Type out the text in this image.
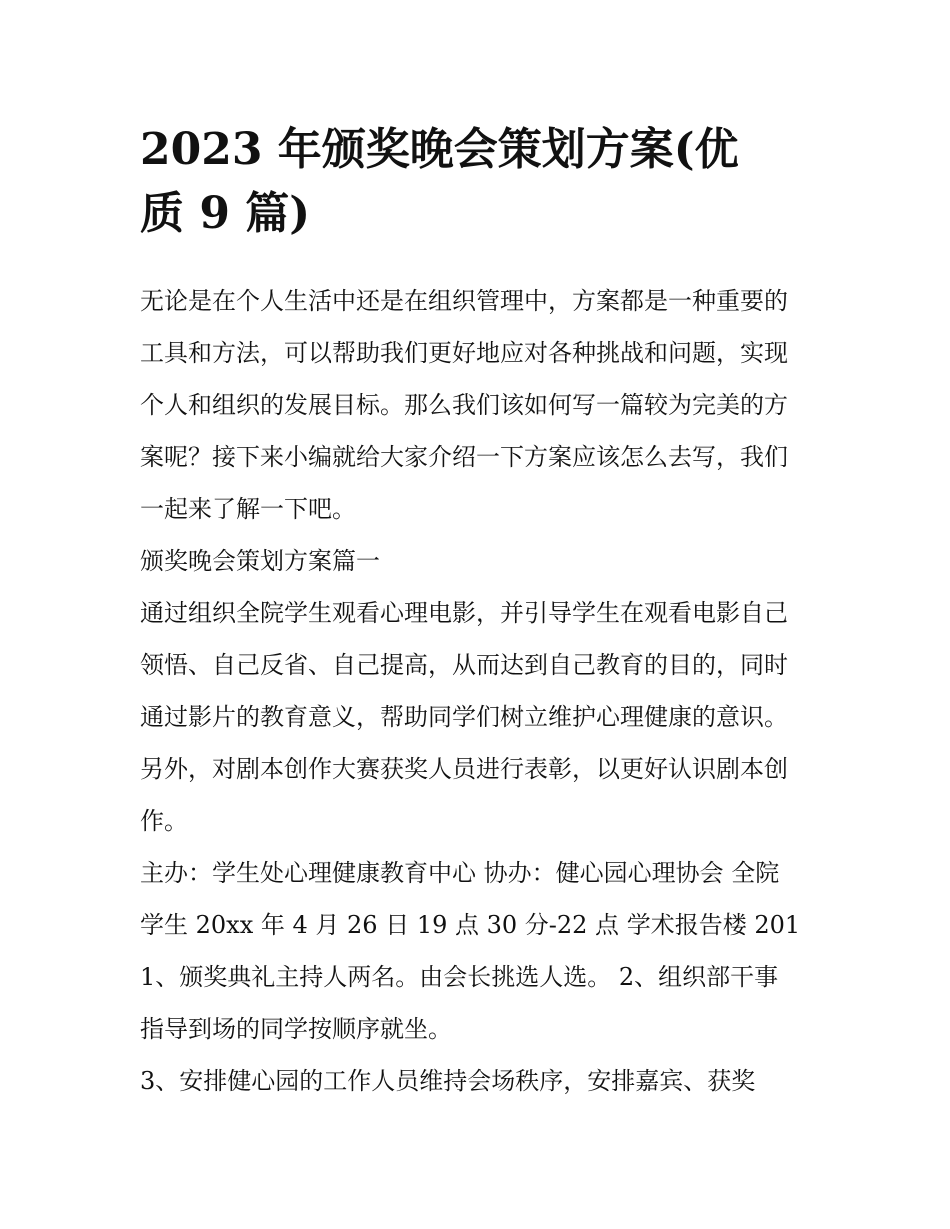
2023 年颁奖晚会策划方案(优
质 9 篇)

无论是在个人生活中还是在组织管理中，方案都是一种重要的
工具和方法，可以帮助我们更好地应对各种挑战和问题，实现
个人和组织的发展目标。那么我们该如何写一篇较为完美的方
案呢？接下来小编就给大家介绍一下方案应该怎么去写，我们
一起来了解一下吧。

颁奖晚会策划方案篇一

通过组织全院学生观看心理电影，并引导学生在观看电影自己
领悟、自己反省、自己提高，从而达到自己教育的目的，同时
通过影片的教育意义，帮助同学们树立维护心理健康的意识。
另外，对剧本创作大赛获奖人员进行表彰，以更好认识剧本创
作。

主办：学生处心理健康教育中心 协办：健心园心理协会 全院
学生 20xx 年 4 月 26 日 19 点 30 分-22 点 学术报告楼 201

1、颁奖典礼主持人两名。由会长挑选人选。 2、组织部干事
指导到场的同学按顺序就坐。

3、安排健心园的工作人员维持会场秩序，安排嘉宾、获奖
